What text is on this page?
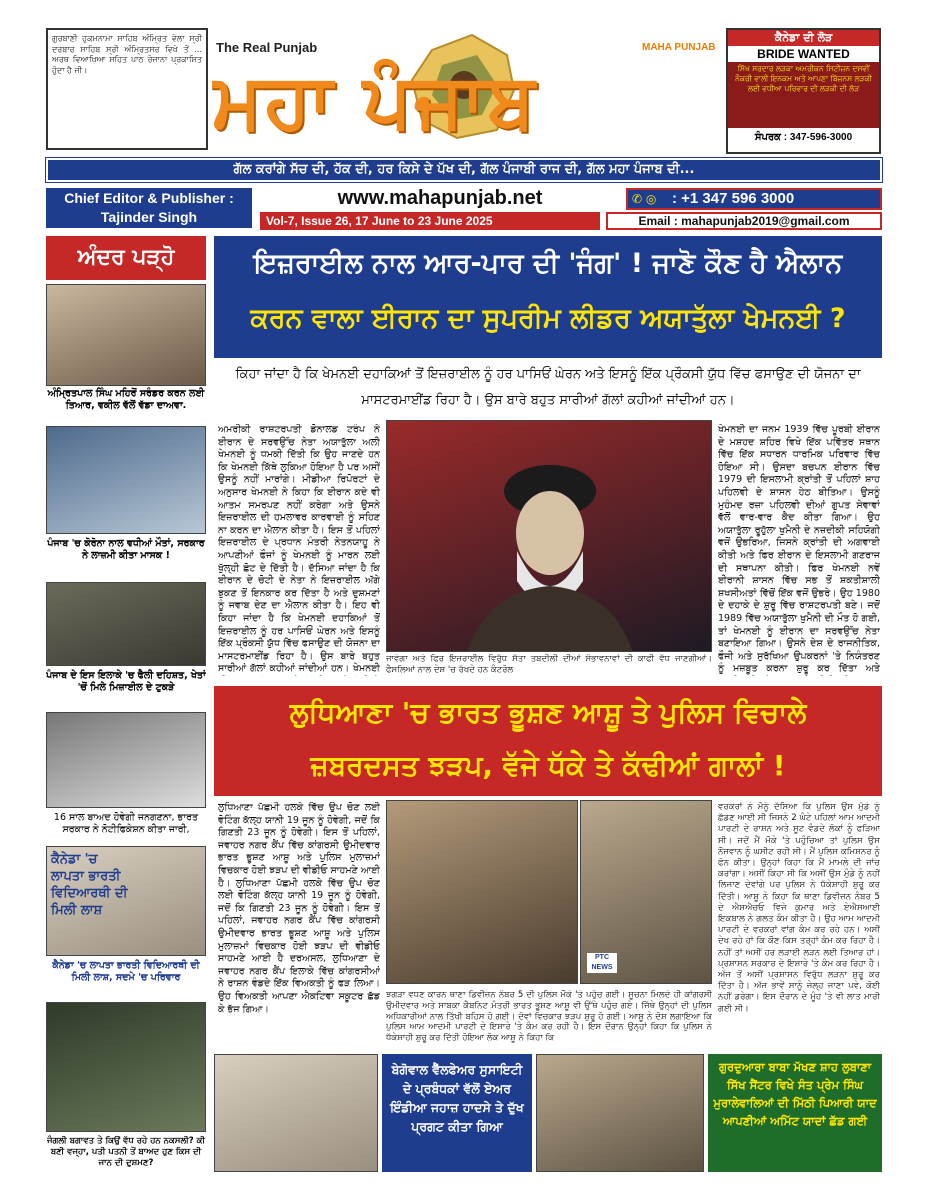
ਗੁਰਬਾਣੀ ਹੁਕਮਨਾਮਾ ਸਾਹਿਬ ਅੰਮ੍ਰਿਤ ਵੇਲਾ ਸ੍ਰੀ ਦਰਬਾਰ ਸਾਹਿਬ ਸ੍ਰੀ ਅੰਮ੍ਰਿਤਸਰ ਵਿਖੇ ਤੋਂ ... ਅਰਥ ਵਿਆਖਿਆ ਸਹਿਤ ਪਾਠ ਰੋਜ਼ਾਨਾ ਪ੍ਰਕਾਸ਼ਿਤ ਹੁੰਦਾ ਹੈ ਜੀ।
The Real Punjab	MAHA PUNJAB
ਮਹਾ ਪੰਜਾਬ
ਕੈਨੇਡਾ ਦੀ ਲੋੜ
BRIDE WANTED
ਸਿੱਖ ਸਰਦਾਰ ਲੜਕਾ ਅਮਰੀਕਨ ਸਿਟੀਜ਼ਨ ਦਸਵੀਂ ਨੌਕਰੀ ਵਾਲੀ ਇਨਕਮ ਅਤੇ ਆਪਣਾ ਬਿੱਜ਼ਨਸ ਲੜਕੀ ਲਈ ਵਧੀਆ ਪਰਿਵਾਰ ਦੀ ਲੜਕੀ ਦੀ ਲੋੜ
ਸੰਪਰਕ : 347-596-3000
ਗੱਲ ਕਰਾਂਗੇ ਸੱਚ ਦੀ, ਹੱਕ ਦੀ, ਹਰ ਕਿਸੇ ਦੇ ਪੱਖ ਦੀ, ਗੱਲ ਪੰਜਾਬੀ ਰਾਜ ਦੀ, ਗੱਲ ਮਹਾ ਪੰਜਾਬ ਦੀ...
Chief Editor & Publisher :
Tajinder Singh
www.mahapunjab.net	✆ ◎ : +1 347 596 3000
Vol-7, Issue 26, 17 June to 23 June 2025	Email : mahapunjab2019@gmail.com
ਅੰਦਰ ਪੜ੍ਹੋ
ਅੰਮ੍ਰਿਤਪਾਲ ਸਿੰਘ ਮਹਿਰੋਂ ਸਰੰਡਰ ਕਰਨ ਲਈ ਤਿਆਰ, ਵਕੀਲ ਵੱਲੋਂ ਵੱਡਾ ਦਾਅਵਾ.
ਪੰਜਾਬ 'ਚ ਕੋਰੋਨਾ ਨਾਲ ਵਧੀਆਂ ਮੌਤਾਂ, ਸਰਕਾਰ ਨੇ ਲਾਜ਼ਮੀ ਕੀਤਾ ਮਾਸਕ !
ਪੰਜਾਬ ਦੇ ਇਸ ਇਲਾਕੇ 'ਚ ਫੈਲੀ ਦਹਿਸ਼ਤ, ਖੇਤਾਂ 'ਚੋਂ ਮਿਲੇ ਮਿਜ਼ਾਈਲ ਦੇ ਟੁਕੜੇ
16 ਸਾਲ ਬਾਅਦ ਹੋਵੇਗੀ ਜਨਗਣਨਾ, ਭਾਰਤ ਸਰਕਾਰ ਨੇ ਨੋਟੀਫਿਕੇਸ਼ਨ ਕੀਤਾ ਜਾਰੀ,
ਕੈਨੇਡਾ 'ਚ ਲਾਪਤਾ ਭਾਰਤੀ ਵਿਦਿਆਰਥੀ ਦੀ ਮਿਲੀ ਲਾਸ਼
ਕੈਨੇਡਾ 'ਚ ਲਾਪਤਾ ਭਾਰਤੀ ਵਿਦਿਆਰਥੀ ਦੀ ਮਿਲੀ ਲਾਸ਼, ਸਦਮੇ 'ਚ ਪਰਿਵਾਰ
ਜੰਗਲੀ ਬਗਾਵਤ ਤੇ ਕਿਉਂ ਵੱਧ ਰਹੇ ਹਨ ਨਕਸਲੀ? ਕੀ ਬਣੀ ਵਜ੍ਹਾ, ਪਤੀ ਪਤਨੀ ਤੋਂ ਬਾਅਦ ਹੁਣ ਕਿਸ ਦੀ ਜਾਨ ਦੀ ਦੁਸ਼ਮਣ?
ਇਜ਼ਰਾਈਲ ਨਾਲ ਆਰ-ਪਾਰ ਦੀ 'ਜੰਗ' ! ਜਾਣੋ ਕੌਣ ਹੈ ਐਲਾਨ
ਕਰਨ ਵਾਲਾ ਈਰਾਨ ਦਾ ਸੁਪਰੀਮ ਲੀਡਰ ਅਯਾਤੁੱਲਾ ਖੇਮਨਈ ?
ਕਿਹਾ ਜਾਂਦਾ ਹੈ ਕਿ ਖੇਮਨਈ ਦਹਾਕਿਆਂ ਤੋਂ ਇਜ਼ਰਾਈਲ ਨੂੰ ਹਰ ਪਾਸਿਓਂ ਘੇਰਨ ਅਤੇ ਇਸਨੂੰ ਇੱਕ ਪ੍ਰੌਕਸੀ ਯੁੱਧ ਵਿੱਚ ਫਸਾਉਣ ਦੀ ਯੋਜਨਾ ਦਾ ਮਾਸਟਰਮਾਈਂਡ ਰਿਹਾ ਹੈ। ਉਸ ਬਾਰੇ ਬਹੁਤ ਸਾਰੀਆਂ ਗੱਲਾਂ ਕਹੀਆਂ ਜਾਂਦੀਆਂ ਹਨ।
ਅਮਰੀਕੀ ਰਾਸ਼ਟਰਪਤੀ ਡੋਨਾਲਡ ਟਰੰਪ ਨੇ ਈਰਾਨ ਦੇ ਸਰਵਉੱਚ ਨੇਤਾ ਅਯਾਤੁੱਲਾ ਅਲੀ ਖੇਮਨਈ ਨੂੰ ਧਮਕੀ ਦਿੱਤੀ ਕਿ ਉਹ ਜਾਣਦੇ ਹਨ ਕਿ ਖੇਮਨਈ ਕਿੱਥੇ ਲੁਕਿਆ ਹੋਇਆ ਹੈ ਪਰ ਅਸੀਂ ਉਸਨੂੰ ਨਹੀਂ ਮਾਰਾਂਗੇ। ਮੀਡੀਆ ਰਿਪੋਰਟਾਂ ਦੇ ਅਨੁਸਾਰ ਖੇਮਨਈ ਨੇ ਕਿਹਾ ਕਿ ਈਰਾਨ ਕਦੇ ਵੀ ਆਤਮ ਸਮਰਪਣ ਨਹੀਂ ਕਰੇਗਾ ਅਤੇ ਉਸਨੇ ਇਜ਼ਰਾਈਲ ਦੀ ਹਮਲਾਵਰ ਕਾਰਵਾਈ ਨੂੰ ਸਹਿਣ ਨਾ ਕਰਨ ਦਾ ਐਲਾਨ ਕੀਤਾ ਹੈ। ਇਸ ਤੋਂ ਪਹਿਲਾਂ ਇਜ਼ਰਾਈਲ ਦੇ ਪ੍ਰਧਾਨ ਮੰਤਰੀ ਨੇਤਨਯਾਹੂ ਨੇ ਆਪਣੀਆਂ ਫੌਜਾਂ ਨੂੰ ਖੇਮਨਈ ਨੂੰ ਮਾਰਨ ਲਈ ਖੁੱਲ੍ਹੀ ਛੋਟ ਦੇ ਦਿੱਤੀ ਹੈ। ਦੱਸਿਆ ਜਾਂਦਾ ਹੈ ਕਿ ਈਰਾਨ ਦੇ ਚੋਟੀ ਦੇ ਨੇਤਾ ਨੇ ਇਜ਼ਰਾਈਲ ਅੱਗੇ ਝੁਕਣ ਤੋਂ ਇਨਕਾਰ ਕਰ ਦਿੱਤਾ ਹੈ ਅਤੇ ਦੁਸ਼ਮਣਾਂ ਨੂੰ ਜਵਾਬ ਦੇਣ ਦਾ ਐਲਾਨ ਕੀਤਾ ਹੈ। ਇਹ ਵੀ ਕਿਹਾ ਜਾਂਦਾ ਹੈ ਕਿ ਖੇਮਨਈ ਦਹਾਕਿਆਂ ਤੋਂ ਇਜ਼ਰਾਈਲ ਨੂੰ ਹਰ ਪਾਸਿਓਂ ਘੇਰਨ ਅਤੇ ਇਸਨੂੰ ਇੱਕ ਪ੍ਰੌਕਸੀ ਯੁੱਧ ਵਿੱਚ ਫਸਾਉਣ ਦੀ ਯੋਜਨਾ ਦਾ ਮਾਸਟਰਮਾਈਂਡ ਰਿਹਾ ਹੈ। ਉਸ ਬਾਰੇ ਬਹੁਤ ਸਾਰੀਆਂ ਗੱਲਾਂ ਕਹੀਆਂ ਜਾਂਦੀਆਂ ਹਨ। ਖੇਮਨਈ
ਜਾਵੇਗਾ ਅਤੇ ਫਿਰ ਇਜ਼ਰਾਈਲ ਵਿਰੁੱਧ ਸੱਤਾ ਤਬਦੀਲੀ ਦੀਆਂ ਸੰਭਾਵਨਾਵਾਂ ਦੀ ਕਾਫੀ ਵੱਧ ਜਾਣਗੀਆਂ। ਫੈਸਲਿਆਂ ਨਾਲ ਦੇਸ਼ 'ਚ ਰੱਖਦੇ ਹਨ ਕੰਟਰੋਲ
ਖੇਮਨਈ ਦਾ ਜਨਮ 1939 ਵਿੱਚ ਪੂਰਬੀ ਈਰਾਨ ਦੇ ਮਸ਼ਹਦ ਸ਼ਹਿਰ ਵਿਖੇ ਇੱਕ ਪਵਿੱਤਰ ਸਥਾਨ ਵਿੱਚ ਇੱਕ ਸਧਾਰਨ ਧਾਰਮਿਕ ਪਰਿਵਾਰ ਵਿੱਚ ਹੋਇਆ ਸੀ। ਉਸਦਾ ਬਚਪਨ ਈਰਾਨ ਵਿੱਚ 1979 ਦੀ ਇਸਲਾਮੀ ਕ੍ਰਾਂਤੀ ਤੋਂ ਪਹਿਲਾਂ ਸ਼ਾਹ ਪਹਿਲਵੀ ਦੇ ਸ਼ਾਸਨ ਹੇਠ ਬੀਤਿਆ। ਉਸਨੂੰ ਮੁਹੰਮਦ ਰਜ਼ਾ ਪਹਿਲਵੀ ਦੀਆਂ ਗੁਪਤ ਸੇਵਾਵਾਂ ਵੱਲੋਂ ਵਾਰ-ਵਾਰ ਕੈਦ ਕੀਤਾ ਗਿਆ। ਉਹ ਅਯਾਤੁੱਲਾ ਰੂਹੁੱਲਾ ਖੁਮੈਨੀ ਦੇ ਨਜ਼ਦੀਕੀ ਸਹਿਯੋਗੀ ਵਜੋਂ ਉਭਰਿਆ, ਜਿਸਨੇ ਕ੍ਰਾਂਤੀ ਦੀ ਅਗਵਾਈ ਕੀਤੀ ਅਤੇ ਫਿਰ ਈਰਾਨ ਦੇ ਇਸਲਾਮੀ ਗਣਰਾਜ ਦੀ ਸਥਾਪਨਾ ਕੀਤੀ। ਫਿਰ ਖੇਮਨਈ ਨਵੇਂ ਈਰਾਨੀ ਸ਼ਾਸਨ ਵਿੱਚ ਸਭ ਤੋਂ ਸ਼ਕਤੀਸ਼ਾਲੀ ਸ਼ਖਸੀਅਤਾਂ ਵਿੱਚੋਂ ਇੱਕ ਵਜੋਂ ਉਭਰੇ। ਉਹ 1980 ਦੇ ਦਹਾਕੇ ਦੇ ਸ਼ੁਰੂ ਵਿੱਚ ਰਾਸ਼ਟਰਪਤੀ ਬਣੇ। ਜਦੋਂ 1989 ਵਿੱਚ ਅਯਾਤੁੱਲਾ ਖੁਮੈਨੀ ਦੀ ਮੌਤ ਹੋ ਗਈ, ਤਾਂ ਖੇਮਨਈ ਨੂੰ ਈਰਾਨ ਦਾ ਸਰਵਉੱਚ ਨੇਤਾ ਬਣਾਇਆ ਗਿਆ। ਉਸਨੇ ਦੇਸ਼ ਦੇ ਰਾਜਨੀਤਿਕ, ਫੌਜੀ ਅਤੇ ਸੁਰੱਖਿਆ ਉਪਕਰਨਾਂ 'ਤੇ ਨਿਯੰਤਰਣ ਨੂੰ ਮਜ਼ਬੂਤ ਕਰਨਾ ਸ਼ੁਰੂ ਕਰ ਦਿੱਤਾ ਅਤੇ
ਲੁਧਿਆਣਾ 'ਚ ਭਾਰਤ ਭੂਸ਼ਣ ਆਸ਼ੂ ਤੇ ਪੁਲਿਸ ਵਿਚਾਲੇ
ਜ਼ਬਰਦਸਤ ਝੜਪ, ਵੱਜੇ ਧੱਕੇ ਤੇ ਕੱਢੀਆਂ ਗਾਲਾਂ !
ਲੁਧਿਆਣਾ ਪੱਛਮੀ ਹਲਕੇ ਵਿੱਚ ਉਪ ਚੋਣ ਲਈ ਵੋਟਿੰਗ ਕੱਲ੍ਹ ਯਾਨੀ 19 ਜੂਨ ਨੂੰ ਹੋਵੇਗੀ, ਜਦੋਂ ਕਿ ਗਿਣਤੀ 23 ਜੂਨ ਨੂੰ ਹੋਵੇਗੀ। ਇਸ ਤੋਂ ਪਹਿਲਾਂ, ਜਵਾਹਰ ਨਗਰ ਕੈਂਪ ਵਿੱਚ ਕਾਂਗਰਸੀ ਉਮੀਦਵਾਰ ਭਾਰਤ ਭੂਸ਼ਣ ਆਸ਼ੂ ਅਤੇ ਪੁਲਿਸ ਮੁਲਾਜ਼ਮਾਂ ਵਿਚਕਾਰ ਹੋਈ ਝੜਪ ਦੀ ਵੀਡੀਓ ਸਾਹਮਣੇ ਆਈ ਹੈ। ਲੁਧਿਆਣਾ ਪੱਛਮੀ ਹਲਕੇ ਵਿੱਚ ਉਪ ਚੋਣ ਲਈ ਵੋਟਿੰਗ ਕੱਲ੍ਹ ਯਾਨੀ 19 ਜੂਨ ਨੂੰ ਹੋਵੇਗੀ, ਜਦੋਂ ਕਿ ਗਿਣਤੀ 23 ਜੂਨ ਨੂੰ ਹੋਵੇਗੀ। ਇਸ ਤੋਂ ਪਹਿਲਾਂ, ਜਵਾਹਰ ਨਗਰ ਕੈਂਪ ਵਿੱਚ ਕਾਂਗਰਸੀ ਉਮੀਦਵਾਰ ਭਾਰਤ ਭੂਸ਼ਣ ਆਸ਼ੂ ਅਤੇ ਪੁਲਿਸ ਮੁਲਾਜ਼ਮਾਂ ਵਿਚਕਾਰ ਹੋਈ ਝੜਪ ਦੀ ਵੀਡੀਓ ਸਾਹਮਣੇ ਆਈ ਹੈ ਦਰਅਸਲ, ਲੁਧਿਆਣਾ ਦੇ ਜਵਾਹਰ ਨਗਰ ਕੈਂਪ ਇਲਾਕੇ ਵਿੱਚ ਕਾਂਗਰਸੀਆਂ ਨੇ ਰਾਸ਼ਨ ਵੰਡਦੇ ਇੱਕ ਵਿਅਕਤੀ ਨੂੰ ਫੜ ਲਿਆ। ਉਹ ਵਿਅਕਤੀ ਆਪਣਾ ਐਕਟਿਵਾ ਸਕੂਟਰ ਛੱਡ ਕੇ ਭੱਜ ਗਿਆ।
PTC NEWS
ਝਗੜਾ ਵਧਣ ਕਾਰਨ ਥਾਣਾ ਡਿਵੀਜ਼ਨ ਨੰਬਰ 5 ਦੀ ਪੁਲਿਸ ਮੌਕੇ 'ਤੇ ਪਹੁੰਚ ਗਈ। ਸੂਚਨਾ ਮਿਲਦੇ ਹੀ ਕਾਂਗਰਸੀ ਉਮੀਦਵਾਰ ਅਤੇ ਸਾਬਕਾ ਕੈਬਨਿਟ ਮੰਤਰੀ ਭਾਰਤ ਭੂਸ਼ਣ ਆਸ਼ੂ ਵੀ ਉੱਥੇ ਪਹੁੰਚ ਗਏ। ਜਿੱਥੇ ਉਨ੍ਹਾਂ ਦੀ ਪੁਲਿਸ ਅਧਿਕਾਰੀਆਂ ਨਾਲ ਤਿੱਖੀ ਬਹਿਸ ਹੋ ਗਈ। ਦੋਵਾਂ ਵਿਚਕਾਰ ਝੜਪ ਸ਼ੁਰੂ ਹੋ ਗਈ। ਆਸ਼ੂ ਨੇ ਦੋਸ਼ ਲਗਾਇਆ ਕਿ ਪੁਲਿਸ ਆਮ ਆਦਮੀ ਪਾਰਟੀ ਦੇ ਇਸ਼ਾਰੇ 'ਤੇ ਕੰਮ ਕਰ ਰਹੀ ਹੈ। ਇਸ ਦੌਰਾਨ ਉਨ੍ਹਾਂ ਕਿਹਾ ਕਿ ਪੁਲਿਸ ਨੇ ਧੱਕੇਸ਼ਾਹੀ ਸ਼ੁਰੂ ਕਰ ਦਿੱਤੀ ਹੋਇਆ ਲੋਕ ਆਸ਼ੂ ਨੇ ਕਿਹਾ ਕਿ
ਵਰਕਰਾਂ ਨੇ ਮੈਨੂੰ ਦੱਸਿਆ ਕਿ ਪੁਲਿਸ ਉਸ ਮੁੰਡੇ ਨੂੰ ਛੱਡਣ ਆਈ ਸੀ ਜਿਸਨੇ 2 ਘੰਟੇ ਪਹਿਲਾਂ ਆਮ ਆਦਮੀ ਪਾਰਟੀ ਦੇ ਰਾਸ਼ਨ ਅਤੇ ਸੂਟ ਵੰਡਦੇ ਲੋਕਾਂ ਨੂੰ ਫੜਿਆ ਸੀ। ਜਦੋਂ ਮੈਂ ਮੌਕੇ 'ਤੇ ਪਹੁੰਚਿਆ ਤਾਂ ਪੁਲਿਸ ਉਸ ਨੌਜਵਾਨ ਨੂੰ ਘਸੀਟ ਰਹੀ ਸੀ। ਮੈਂ ਪੁਲਿਸ ਕਮਿਸ਼ਨਰ ਨੂੰ ਫੋਨ ਕੀਤਾ। ਉਨ੍ਹਾਂ ਕਿਹਾ ਕਿ ਮੈਂ ਮਾਮਲੇ ਦੀ ਜਾਂਚ ਕਰਾਂਗਾ। ਅਸੀਂ ਕਿਹਾ ਸੀ ਕਿ ਅਸੀਂ ਉਸ ਮੁੰਡੇ ਨੂੰ ਨਹੀਂ ਲਿਜਾਣ ਦੇਵਾਂਗੇ ਪਰ ਪੁਲਿਸ ਨੇ ਧੱਕੇਸ਼ਾਹੀ ਸ਼ੁਰੂ ਕਰ ਦਿੱਤੀ। ਆਸ਼ੂ ਨੇ ਕਿਹਾ ਕਿ ਥਾਣਾ ਡਿਵੀਜ਼ਨ ਨੰਬਰ 5 ਦੇ ਐਸਐਚਓ ਵਿਜੇ ਕੁਮਾਰ ਅਤੇ ਏਐਸਆਈ ਇਕਬਾਲ ਨੇ ਗਲਤ ਕੰਮ ਕੀਤਾ ਹੈ। ਉਹ ਆਮ ਆਦਮੀ ਪਾਰਟੀ ਦੇ ਵਰਕਰਾਂ ਵਾਂਗ ਕੰਮ ਕਰ ਰਹੇ ਹਨ। ਅਸੀਂ ਦੇਖ ਰਹੇ ਹਾਂ ਕਿ ਕੌਣ ਕਿਸ ਤਰ੍ਹਾਂ ਕੰਮ ਕਰ ਰਿਹਾ ਹੈ। ਨਹੀਂ ਤਾਂ ਅਸੀਂ ਹਰ ਲੜਾਈ ਲੜਨ ਲਈ ਤਿਆਰ ਹਾਂ। ਪ੍ਰਸ਼ਾਸਨ ਸਰਕਾਰ ਦੇ ਇਸ਼ਾਰੇ 'ਤੇ ਕੰਮ ਕਰ ਰਿਹਾ ਹੈ। ਅੱਜ ਤੋਂ ਅਸੀਂ ਪ੍ਰਸ਼ਾਸਨ ਵਿਰੁੱਧ ਲੜਨਾ ਸ਼ੁਰੂ ਕਰ ਦਿੱਤਾ ਹੈ। ਅੱਜ ਭਾਵੇਂ ਸਾਨੂੰ ਜੇਲ੍ਹ ਜਾਣਾ ਪਵੇ, ਕੋਈ ਨਹੀਂ ਡਰੇਗਾ। ਇਸ ਦੌਰਾਨ ਦੇ ਮੂੰਹ 'ਤੇ ਵੀ ਲਾਤ ਮਾਰੀ ਗਈ ਸੀ।
ਬੇਗੋਵਾਲ ਵੈੱਲਫੇਅਰ ਸੁਸਾਇਟੀ ਦੇ ਪ੍ਰਬੰਧਕਾਂ ਵੱਲੋਂ ਏਅਰ ਇੰਡੀਆ ਜਹਾਜ਼ ਹਾਦਸੇ ਤੇ ਦੁੱਖ ਪ੍ਰਗਟ ਕੀਤਾ ਗਿਆ
ਗੁਰਦੁਆਰਾ ਬਾਬਾ ਮੱਖਣ ਸ਼ਾਹ ਲੁਬਾਣਾ ਸਿੱਖ ਸੈਂਟਰ ਵਿਖੇ ਸੰਤ ਪ੍ਰੇਮ ਸਿੰਘ ਮੁਰਾਲੇਵਾਲਿਆਂ ਦੀ ਮਿੱਠੀ ਪਿਆਰੀ ਯਾਦ ਆਪਣੀਆਂ ਅਮਿੱਟ ਯਾਦਾਂ ਛੱਡ ਗਈ
